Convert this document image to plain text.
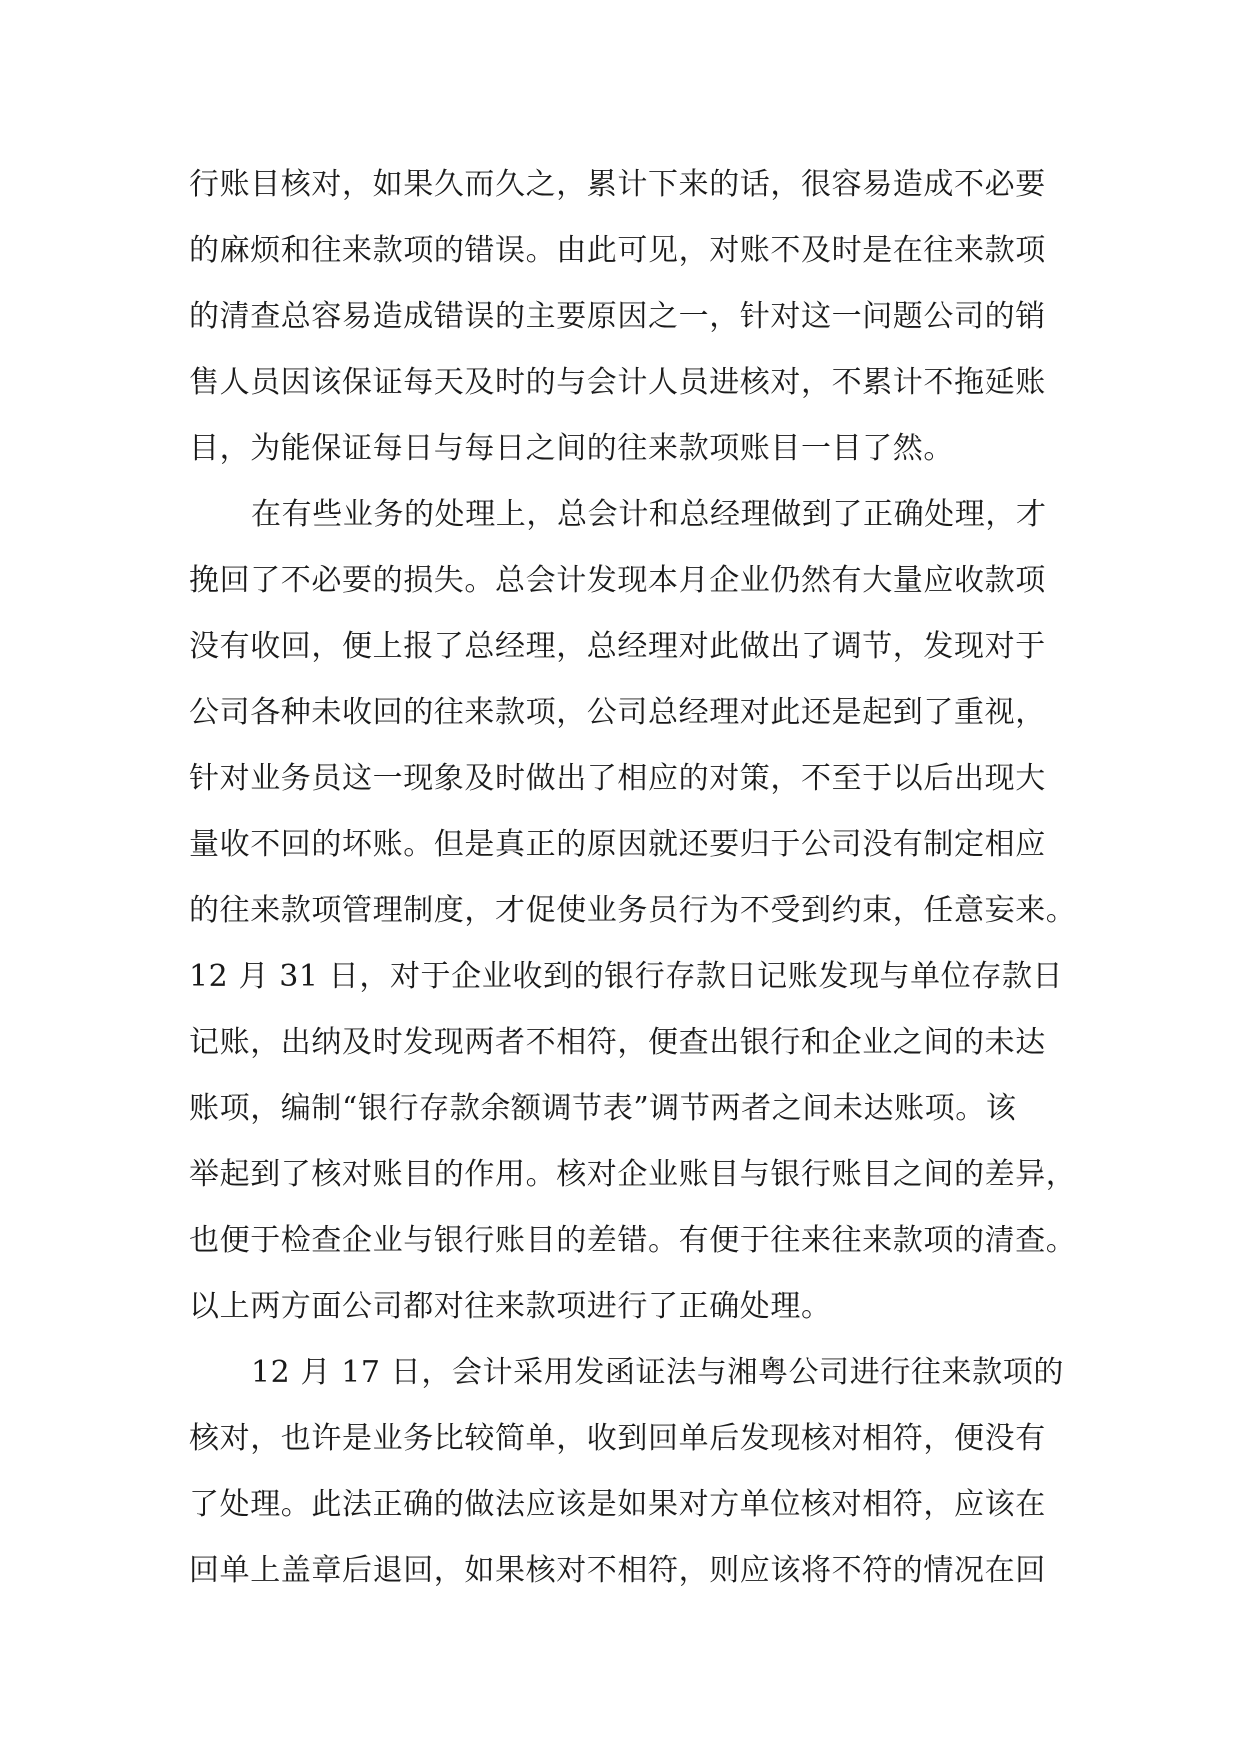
行账目核对，如果久而久之，累计下来的话，很容易造成不必要
的麻烦和往来款项的错误。由此可见，对账不及时是在往来款项
的清查总容易造成错误的主要原因之一，针对这一问题公司的销
售人员因该保证每天及时的与会计人员进核对，不累计不拖延账
目，为能保证每日与每日之间的往来款项账目一目了然。
在有些业务的处理上，总会计和总经理做到了正确处理，才
挽回了不必要的损失。总会计发现本月企业仍然有大量应收款项
没有收回，便上报了总经理，总经理对此做出了调节，发现对于
公司各种未收回的往来款项，公司总经理对此还是起到了重视，
针对业务员这一现象及时做出了相应的对策，不至于以后出现大
量收不回的坏账。但是真正的原因就还要归于公司没有制定相应
的往来款项管理制度，才促使业务员行为不受到约束，任意妄来。
12 月 31 日，对于企业收到的银行存款日记账发现与单位存款日
记账，出纳及时发现两者不相符，便查出银行和企业之间的未达
账项，编制“银行存款余额调节表”调节两者之间未达账项。该
举起到了核对账目的作用。核对企业账目与银行账目之间的差异，
也便于检查企业与银行账目的差错。有便于往来往来款项的清查。
以上两方面公司都对往来款项进行了正确处理。
12 月 17 日，会计采用发函证法与湘粤公司进行往来款项的
核对，也许是业务比较简单，收到回单后发现核对相符，便没有
了处理。此法正确的做法应该是如果对方单位核对相符，应该在
回单上盖章后退回，如果核对不相符，则应该将不符的情况在回
